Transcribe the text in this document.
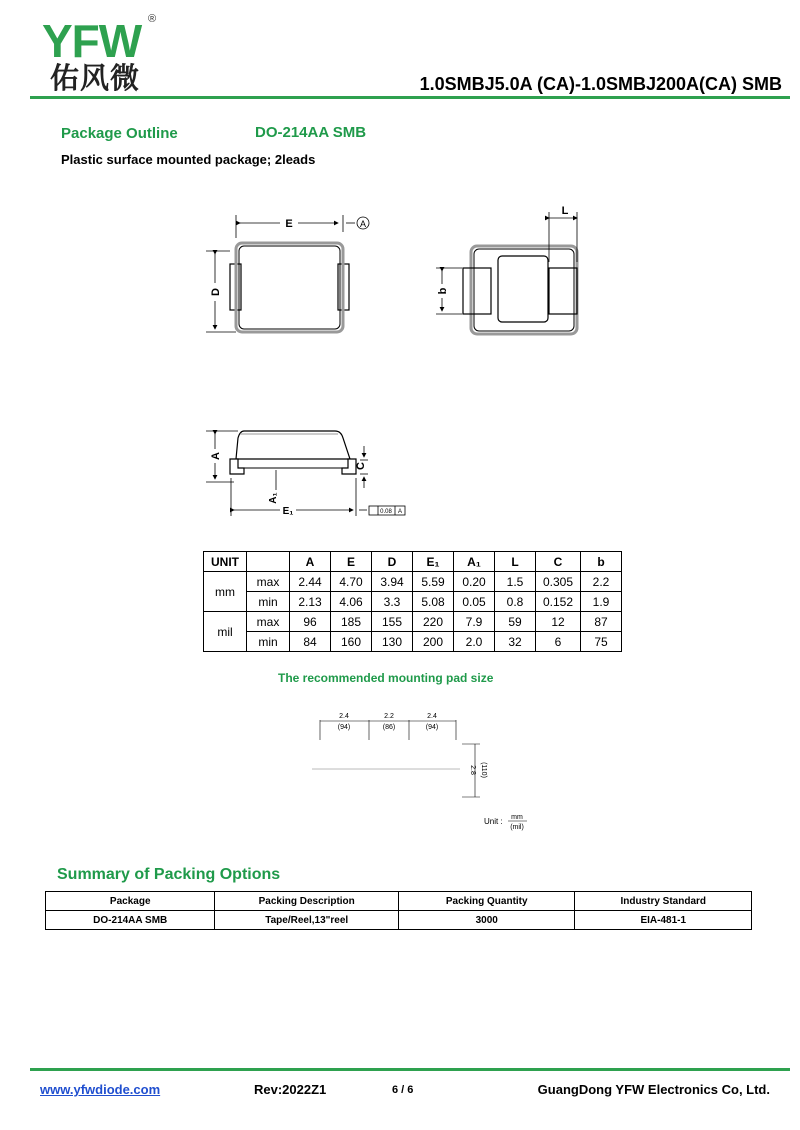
YFW ®
佑风微	1.0SMBJ5.0A (CA)-1.0SMBJ200A(CA) SMB
Package Outline	DO-214AA SMB
Plastic surface mounted package; 2leads
E	A
D
L
b
A
C
A₁
E₁	0.08 A
2.4
(94)
2.2
(86)
2.4
(94)
2.8 (110)
Unit : mm
(mil)
UNIT		A	E	D	E₁	A₁	L	C	b
mm	max	2.44	4.70	3.94	5.59	0.20	1.5	0.305	2.2
	min	2.13	4.06	3.3	5.08	0.05	0.8	0.152	1.9
mil	max	96	185	155	220	7.9	59	12	87
	min	84	160	130	200	2.0	32	6	75
The recommended mounting pad size
Summary of Packing Options
Package	Packing Description	Packing Quantity	Industry Standard
DO-214AA SMB	Tape/Reel,13"reel	3000	EIA-481-1
www.yfwdiode.com	Rev:2022Z1	6 / 6	GuangDong YFW Electronics Co, Ltd.
